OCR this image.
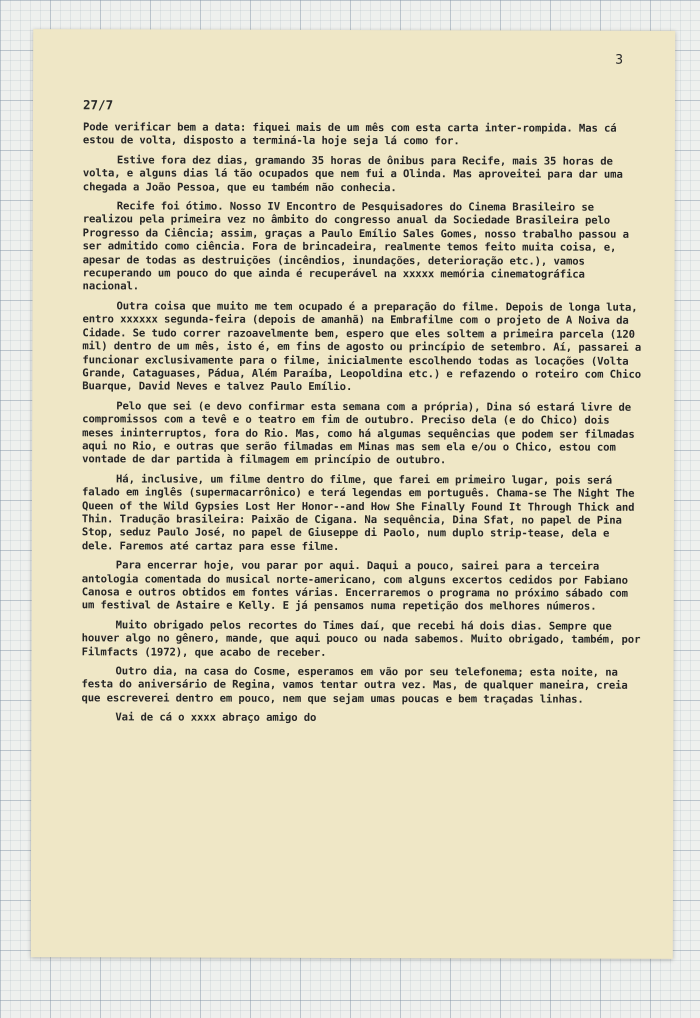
3
27/7

Pode verificar bem a data: fiquei mais de um mês com esta carta inter-rompida. Mas cá estou de volta, disposto a terminá-la hoje seja lá como for.

Estive fora dez dias, gramando 35 horas de ônibus para Recife, mais 35 horas de volta, e alguns dias lá tão ocupados que nem fui a Olinda. Mas aproveitei para dar uma chegada a João Pessoa, que eu também não conhecia.

Recife foi ótimo. Nosso IV Encontro de Pesquisadores do Cinema Brasileiro se realizou pela primeira vez no âmbito do congresso anual da Sociedade Brasileira pelo Progresso da Ciência; assim, graças a Paulo Emílio Sales Gomes, nosso trabalho passou a ser admitido como ciência. Fora de brincadeira, realmente temos feito muita coisa, e, apesar de todas as destruições (incêndios, inundações, deterioração etc.), vamos recuperando um pouco do que ainda é recuperável na xxxxx memória cinematográfica nacional.

Outra coisa que muito me tem ocupado é a preparação do filme. Depois de longa luta, entro xxxxxx segunda-feira (depois de amanhã) na Embrafilme com o projeto de A Noiva da Cidade. Se tudo correr razoavelmente bem, espero que eles soltem a primeira parcela (120 mil) dentro de um mês, isto é, em fins de agosto ou princípio de setembro. Aí, passarei a funcionar exclusivamente para o filme, inicialmente escolhendo todas as locações (Volta Grande, Cataguases, Pádua, Além Paraíba, Leopoldina etc.) e refazendo o roteiro com Chico Buarque, David Neves e talvez Paulo Emílio.

Pelo que sei (e devo confirmar esta semana com a própria), Dina só estará livre de compromissos com a tevê e o teatro em fim de outubro. Preciso dela (e do Chico) dois meses ininterruptos, fora do Rio. Mas, como há algumas sequências que podem ser filmadas aqui no Rio, e outras que serão filmadas em Minas mas sem ela e/ou o Chico, estou com vontade de dar partida à filmagem em princípio de outubro.

Há, inclusive, um filme dentro do filme, que farei em primeiro lugar, pois será falado em inglês (supermacarrônico) e terá legendas em português. Chama-se The Night The Queen of the Wild Gypsies Lost Her Honor--and How She Finally Found It Through Thick and Thin. Tradução brasileira: Paixão de Cigana. Na sequência, Dina Sfat, no papel de Pina Stop, seduz Paulo José, no papel de Giuseppe di Paolo, num duplo strip-tease, dela e dele. Faremos até cartaz para esse filme.

Para encerrar hoje, vou parar por aqui. Daqui a pouco, sairei para a terceira antologia comentada do musical norte-americano, com alguns excertos cedidos por Fabiano Canosa e outros obtidos em fontes várias. Encerraremos o programa no próximo sábado com um festival de Astaire e Kelly. E já pensamos numa repetição dos melhores números.

Muito obrigado pelos recortes do Times daí, que recebi há dois dias. Sempre que houver algo no gênero, mande, que aqui pouco ou nada sabemos. Muito obrigado, também, por Filmfacts (1972), que acabo de receber.

Outro dia, na casa do Cosme, esperamos em vão por seu telefonema; esta noite, na festa do aniversário de Regina, vamos tentar outra vez. Mas, de qualquer maneira, creia que escreverei dentro em pouco, nem que sejam umas poucas e bem traçadas linhas.

Vai de cá o xxxx abraço amigo do
